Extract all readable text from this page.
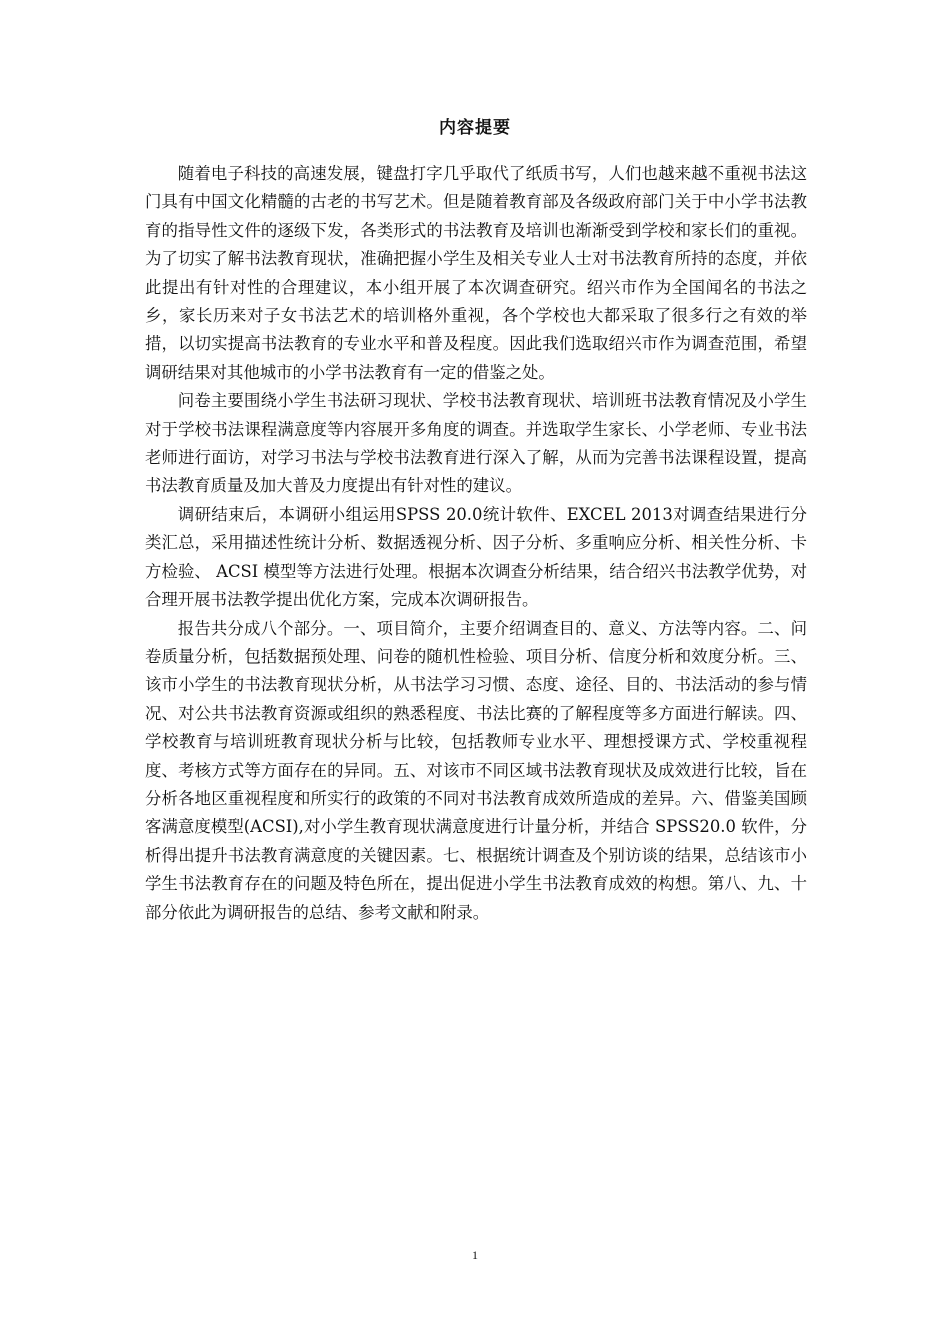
内容提要

随着电子科技的高速发展，键盘打字几乎取代了纸质书写，人们也越来越不重视书法这门具有中国文化精髓的古老的书写艺术。但是随着教育部及各级政府部门关于中小学书法教育的指导性文件的逐级下发，各类形式的书法教育及培训也渐渐受到学校和家长们的重视。为了切实了解书法教育现状，准确把握小学生及相关专业人士对书法教育所持的态度，并依此提出有针对性的合理建议，本小组开展了本次调查研究。绍兴市作为全国闻名的书法之乡，家长历来对子女书法艺术的培训格外重视，各个学校也大都采取了很多行之有效的举措，以切实提高书法教育的专业水平和普及程度。因此我们选取绍兴市作为调查范围，希望调研结果对其他城市的小学书法教育有一定的借鉴之处。

问卷主要围绕小学生书法研习现状、学校书法教育现状、培训班书法教育情况及小学生对于学校书法课程满意度等内容展开多角度的调查。并选取学生家长、小学老师、专业书法老师进行面访，对学习书法与学校书法教育进行深入了解，从而为完善书法课程设置，提高书法教育质量及加大普及力度提出有针对性的建议。

调研结束后，本调研小组运用SPSS 20.0统计软件、EXCEL 2013对调查结果进行分类汇总，采用描述性统计分析、数据透视分析、因子分析、多重响应分析、相关性分析、卡方检验、 ACSI 模型等方法进行处理。根据本次调查分析结果，结合绍兴书法教学优势，对合理开展书法教学提出优化方案，完成本次调研报告。

报告共分成八个部分。一、项目简介，主要介绍调查目的、意义、方法等内容。二、问卷质量分析，包括数据预处理、问卷的随机性检验、项目分析、信度分析和效度分析。三、该市小学生的书法教育现状分析，从书法学习习惯、态度、途径、目的、书法活动的参与情况、对公共书法教育资源或组织的熟悉程度、书法比赛的了解程度等多方面进行解读。四、学校教育与培训班教育现状分析与比较，包括教师专业水平、理想授课方式、学校重视程度、考核方式等方面存在的异同。五、对该市不同区域书法教育现状及成效进行比较，旨在分析各地区重视程度和所实行的政策的不同对书法教育成效所造成的差异。六、借鉴美国顾客满意度模型(ACSI),对小学生教育现状满意度进行计量分析，并结合 SPSS20.0 软件，分析得出提升书法教育满意度的关键因素。七、根据统计调查及个别访谈的结果，总结该市小学生书法教育存在的问题及特色所在，提出促进小学生书法教育成效的构想。第八、九、十部分依此为调研报告的总结、参考文献和附录。

1
